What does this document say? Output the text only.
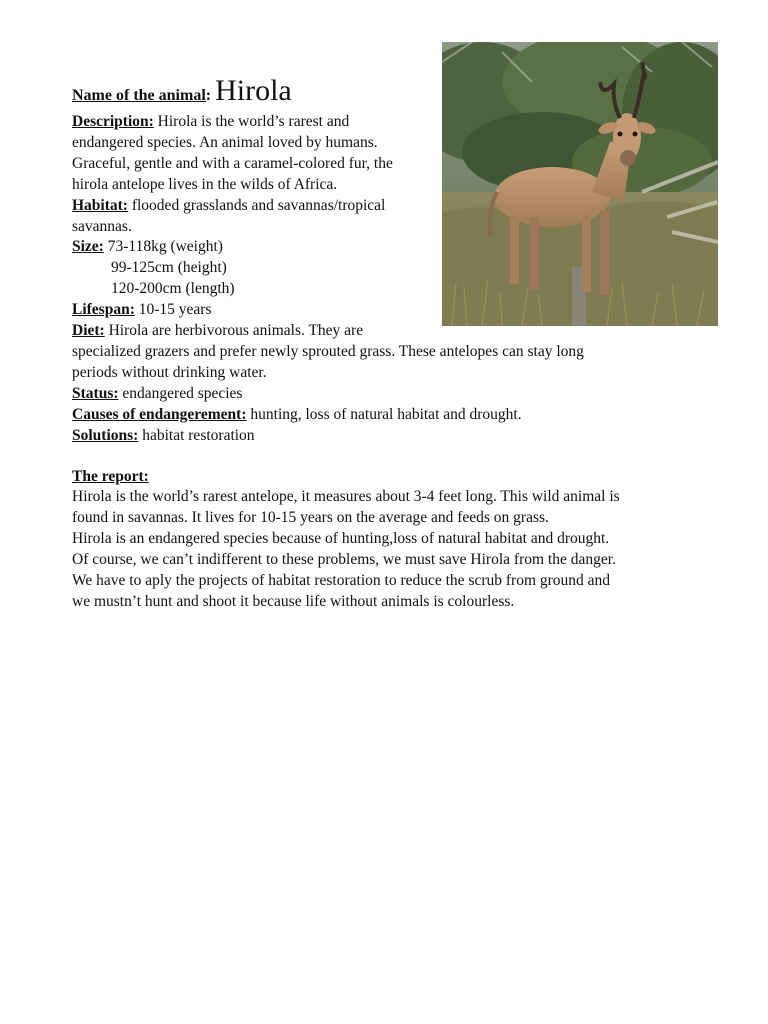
Name of the animal: Hirola
Description: Hirola is the world’s rarest and
endangered species. An animal loved by humans.
Graceful, gentle and with a caramel-colored fur, the
hirola antelope lives in the wilds of Africa.
Habitat: flooded grasslands and savannas/tropical
savannas.
Size: 73-118kg (weight)
99-125cm (height)
120-200cm (length)
Lifespan: 10-15 years
Diet: Hirola are herbivorous animals. They are
specialized grazers and prefer newly sprouted grass. These antelopes can stay long
periods without drinking water.
Status: endangered species
Causes of endangerement: hunting, loss of natural habitat and drought.
Solutions: habitat restoration
The report:
Hirola is the world’s rarest antelope, it measures about 3-4 feet long. This wild animal is
found in savannas. It lives for 10-15 years on the average and feeds on grass.
Hirola is an endangered species because of hunting,loss of natural habitat and drought.
Of course, we can’t indifferent to these problems, we must save Hirola from the danger.
We have to aply the projects of habitat restoration to reduce the scrub from ground and
we mustn’t hunt and shoot it because life without animals is colourless.
